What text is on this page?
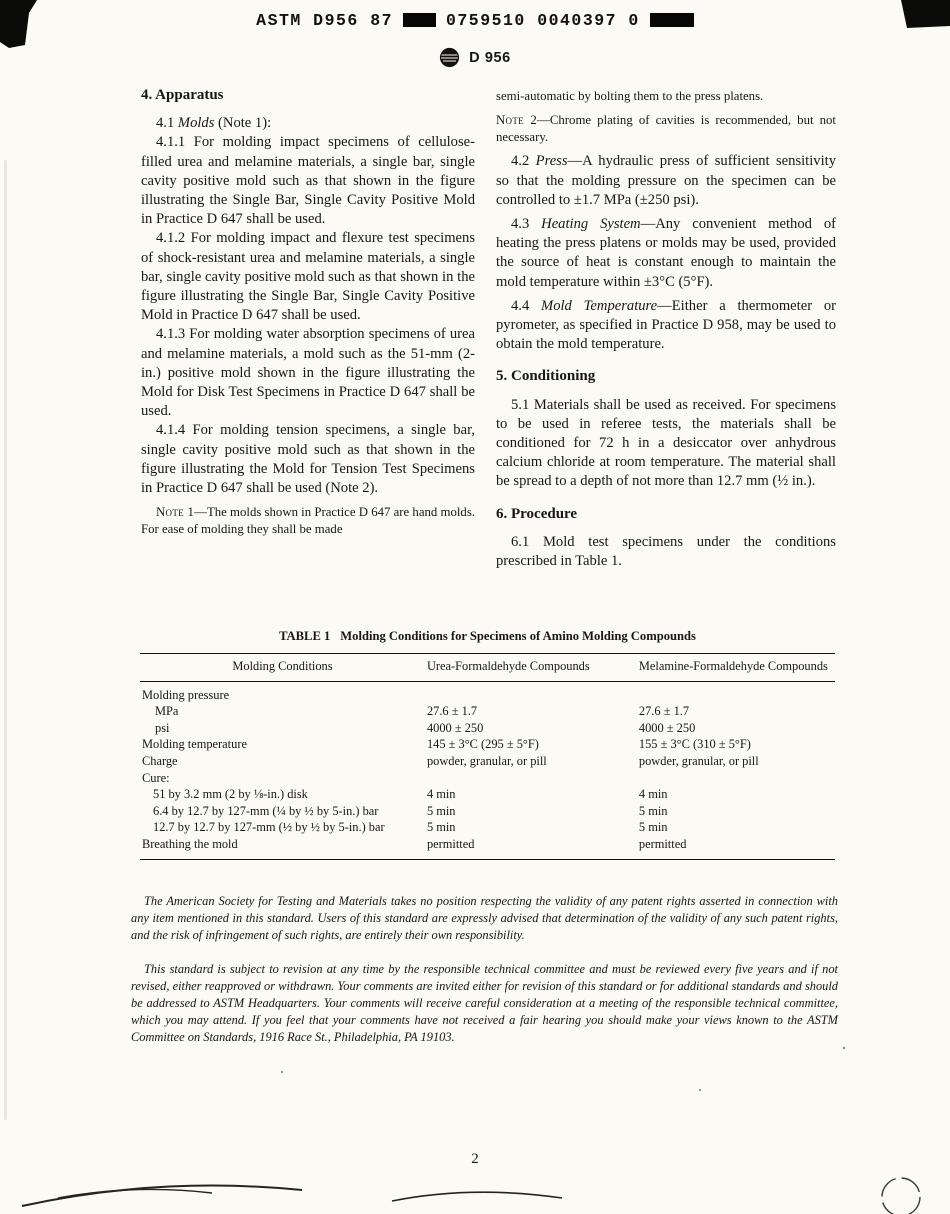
ASTM D956 87	0759510 0040397 0
D 956
4. Apparatus

4.1 Molds (Note 1):

4.1.1 For molding impact specimens of cellulose-filled urea and melamine materials, a single bar, single cavity positive mold such as that shown in the figure illustrating the Single Bar, Single Cavity Positive Mold in Practice D 647 shall be used.

4.1.2 For molding impact and flexure test specimens of shock-resistant urea and melamine materials, a single bar, single cavity positive mold such as that shown in the figure illustrating the Single Bar, Single Cavity Positive Mold in Practice D 647 shall be used.

4.1.3 For molding water absorption specimens of urea and melamine materials, a mold such as the 51-mm (2-in.) positive mold shown in the figure illustrating the Mold for Disk Test Specimens in Practice D 647 shall be used.

4.1.4 For molding tension specimens, a single bar, single cavity positive mold such as that shown in the figure illustrating the Mold for Tension Test Specimens in Practice D 647 shall be used (Note 2).

Note 1—The molds shown in Practice D 647 are hand molds. For ease of molding they shall be made

semi-automatic by bolting them to the press platens.

Note 2—Chrome plating of cavities is recommended, but not necessary.

4.2 Press—A hydraulic press of sufficient sensitivity so that the molding pressure on the specimen can be controlled to ±1.7 MPa (±250 psi).

4.3 Heating System—Any convenient method of heating the press platens or molds may be used, provided the source of heat is constant enough to maintain the mold temperature within ±3°C (5°F).

4.4 Mold Temperature—Either a thermometer or pyrometer, as specified in Practice D 958, may be used to obtain the mold temperature.

5. Conditioning

5.1 Materials shall be used as received. For specimens to be used in referee tests, the materials shall be conditioned for 72 h in a desiccator over anhydrous calcium chloride at room temperature. The material shall be spread to a depth of not more than 12.7 mm (½ in.).

6. Procedure

6.1 Mold test specimens under the conditions prescribed in Table 1.

TABLE 1 Molding Conditions for Specimens of Amino Molding Compounds
Molding Conditions	Urea-Formaldehyde Compounds	Melamine-Formaldehyde Compounds
Molding pressure		
MPa	27.6 ± 1.7	27.6 ± 1.7
psi	4000 ± 250	4000 ± 250
Molding temperature	145 ± 3°C (295 ± 5°F)	155 ± 3°C (310 ± 5°F)
Charge	powder, granular, or pill	powder, granular, or pill
Cure:		
51 by 3.2 mm (2 by ⅛-in.) disk	4 min	4 min
6.4 by 12.7 by 127-mm (¼ by ½ by 5-in.) bar	5 min	5 min
12.7 by 12.7 by 127-mm (½ by ½ by 5-in.) bar	5 min	5 min
Breathing the mold	permitted	permitted

The American Society for Testing and Materials takes no position respecting the validity of any patent rights asserted in connection with any item mentioned in this standard. Users of this standard are expressly advised that determination of the validity of any such patent rights, and the risk of infringement of such rights, are entirely their own responsibility.

This standard is subject to revision at any time by the responsible technical committee and must be reviewed every five years and if not revised, either reapproved or withdrawn. Your comments are invited either for revision of this standard or for additional standards and should be addressed to ASTM Headquarters. Your comments will receive careful consideration at a meeting of the responsible technical committee, which you may attend. If you feel that your comments have not received a fair hearing you should make your views known to the ASTM Committee on Standards, 1916 Race St., Philadelphia, PA 19103.

2
